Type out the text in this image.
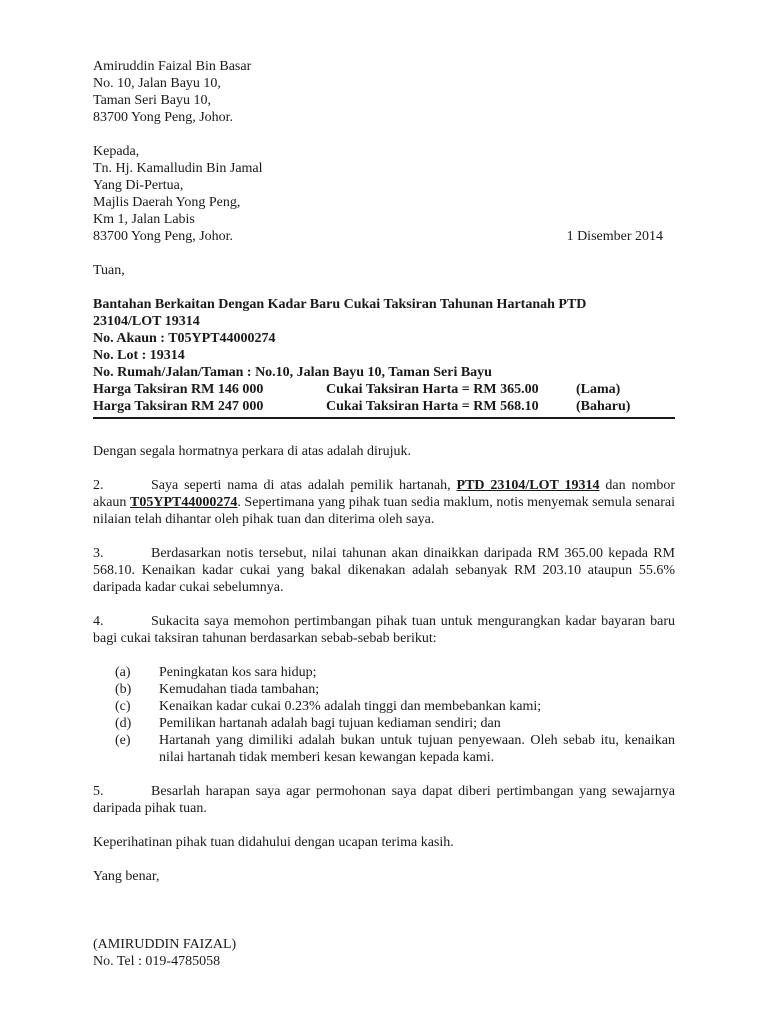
Amiruddin Faizal Bin Basar
No. 10, Jalan Bayu 10,
Taman Seri Bayu 10,
83700 Yong Peng, Johor.
Kepada,
Tn. Hj. Kamalludin Bin Jamal
Yang Di-Pertua,
Majlis Daerah Yong Peng,
Km 1, Jalan Labis
83700 Yong Peng, Johor.	1 Disember 2014
Tuan,
Bantahan Berkaitan Dengan Kadar Baru Cukai Taksiran Tahunan Hartanah PTD
23104/LOT 19314
No. Akaun : T05YPT44000274
No. Lot : 19314
No. Rumah/Jalan/Taman : No.10, Jalan Bayu 10, Taman Seri Bayu
Harga Taksiran RM 146 000	Cukai Taksiran Harta = RM 365.00	(Lama)
Harga Taksiran RM 247 000	Cukai Taksiran Harta = RM 568.10	(Baharu)
Dengan segala hormatnya perkara di atas adalah dirujuk.
2.	Saya seperti nama di atas adalah pemilik hartanah, PTD 23104/LOT 19314 dan nombor akaun T05YPT44000274. Sepertimana yang pihak tuan sedia maklum, notis menyemak semula senarai nilaian telah dihantar oleh pihak tuan dan diterima oleh saya.
3.	Berdasarkan notis tersebut, nilai tahunan akan dinaikkan daripada RM 365.00 kepada RM 568.10. Kenaikan kadar cukai yang bakal dikenakan adalah sebanyak RM 203.10 ataupun 55.6% daripada kadar cukai sebelumnya.
4.	Sukacita saya memohon pertimbangan pihak tuan untuk mengurangkan kadar bayaran baru bagi cukai taksiran tahunan berdasarkan sebab-sebab berikut:
(a)	Peningkatan kos sara hidup;
(b)	Kemudahan tiada tambahan;
(c)	Kenaikan kadar cukai 0.23% adalah tinggi dan membebankan kami;
(d)	Pemilikan hartanah adalah bagi tujuan kediaman sendiri; dan
(e)	Hartanah yang dimiliki adalah bukan untuk tujuan penyewaan. Oleh sebab itu, kenaikan nilai hartanah tidak memberi kesan kewangan kepada kami.
5.	Besarlah harapan saya agar permohonan saya dapat diberi pertimbangan yang sewajarnya daripada pihak tuan.
Keperihatinan pihak tuan didahului dengan ucapan terima kasih.
Yang benar,
(AMIRUDDIN FAIZAL)
No. Tel : 019-4785058
